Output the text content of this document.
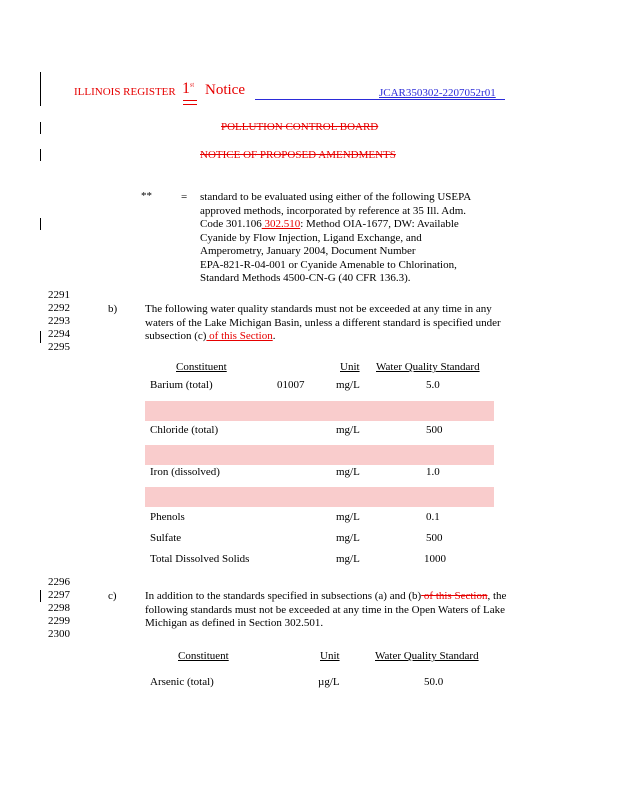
ILLINOIS REGISTER 1st Notice	JCAR350302-2207052r01
POLLUTION CONTROL BOARD
NOTICE OF PROPOSED AMENDMENTS
**	= standard to be evaluated using either of the following USEPA
approved methods, incorporated by reference at 35 Ill. Adm.
Code 301.106 302.510: Method OIA-1677, DW: Available
Cyanide by Flow Injection, Ligand Exchange, and
Amperometry, January 2004, Document Number
EPA-821-R-04-001 or Cyanide Amenable to Chlorination,
Standard Methods 4500-CN-G (40 CFR 136.3).
2291
2292
2293
2294
2295
b)	The following water quality standards must not be exceeded at any time in any
waters of the Lake Michigan Basin, unless a different standard is specified under
subsection (c) of this Section.
Constituent	Unit Water Quality Standard
Barium (total)	01007	mg/L	5.0
Chloride (total)	mg/L	500
Iron (dissolved)	mg/L	1.0
Phenols	mg/L	0.1
Sulfate	mg/L	500
Total Dissolved Solids	mg/L	1000
2296
2297
2298
2299
2300
c)	In addition to the standards specified in subsections (a) and (b) of this Section, the
following standards must not be exceeded at any time in the Open Waters of Lake
Michigan as defined in Section 302.501.
Constituent	Unit	Water Quality Standard
Arsenic (total)	µg/L	50.0
